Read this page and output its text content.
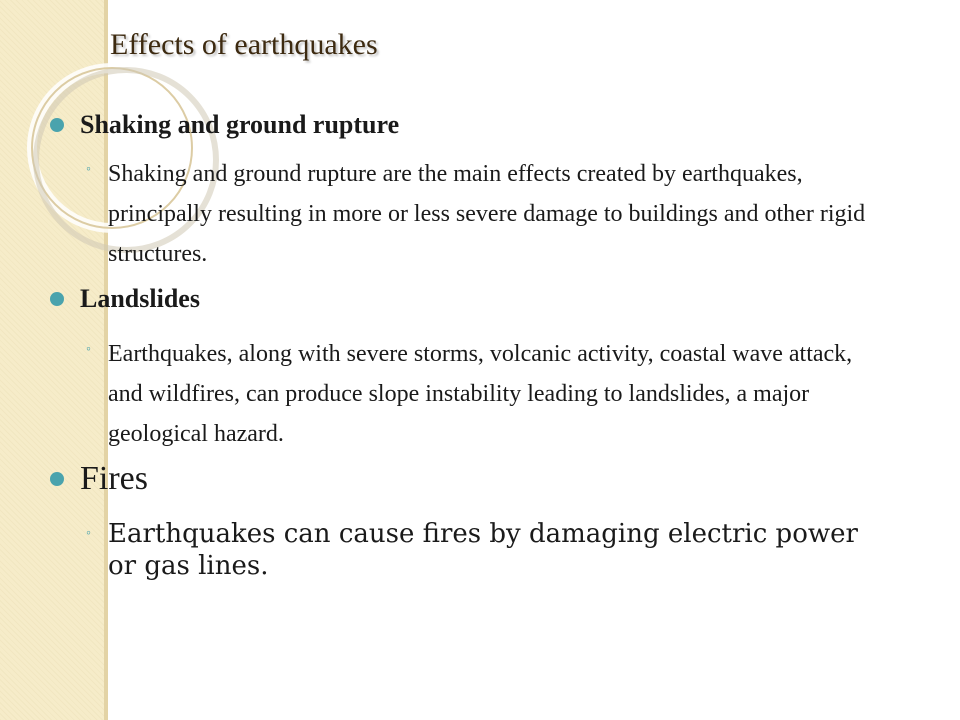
Effects of earthquakes
Shaking and ground rupture
◦ Shaking and ground rupture are the main effects created by earthquakes, principally resulting in more or less severe damage to buildings and other rigid structures.
Landslides
◦ Earthquakes, along with severe storms, volcanic activity, coastal wave attack, and wildfires, can produce slope instability leading to landslides, a major geological hazard.
Fires
◦ Earthquakes can cause fires by damaging electric power or gas lines.
